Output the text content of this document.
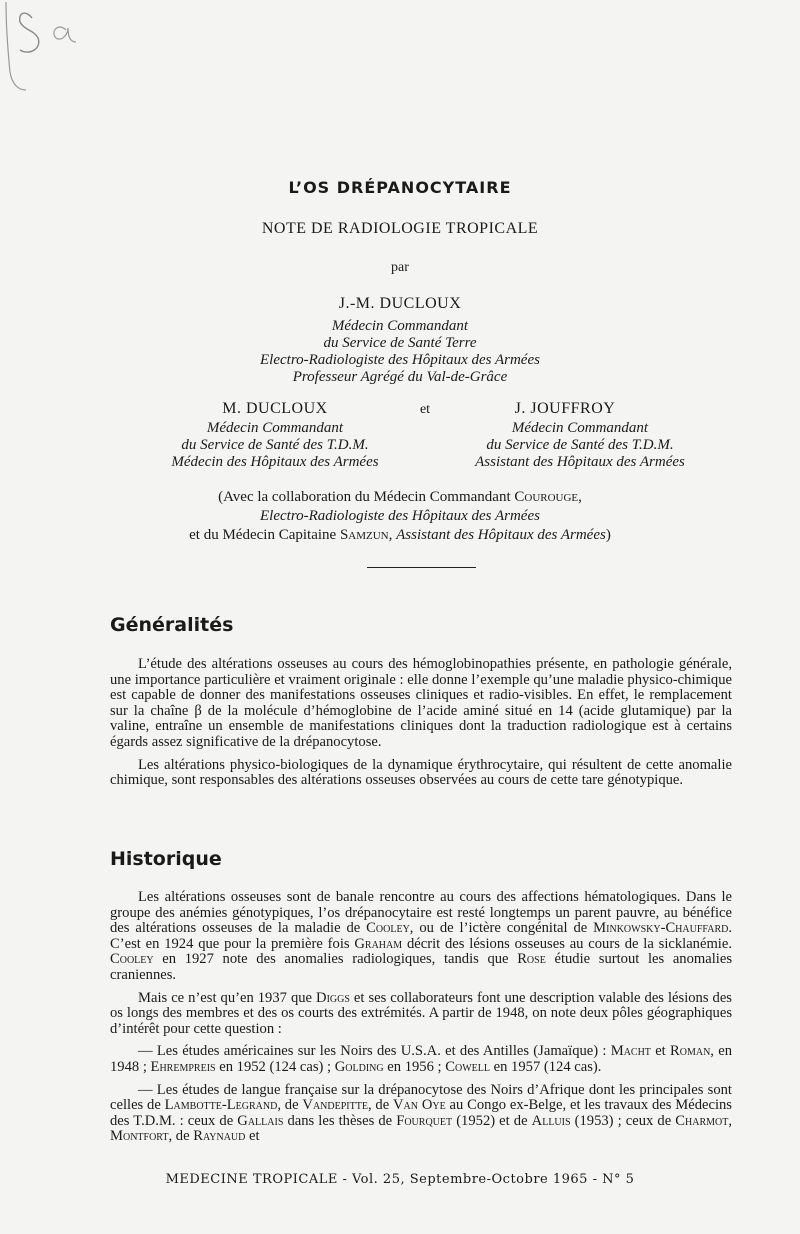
L’OS DRÉPANOCYTAIRE
NOTE DE RADIOLOGIE TROPICALE
par
J.-M. DUCLOUX
Médecin Commandant
du Service de Santé Terre
Electro-Radiologiste des Hôpitaux des Armées
Professeur Agrégé du Val-de-Grâce
M. DUCLOUX
Médecin Commandant
du Service de Santé des T.D.M.
Médecin des Hôpitaux des Armées
et	J. JOUFFROY
Médecin Commandant
du Service de Santé des T.D.M.
Assistant des Hôpitaux des Armées
(Avec la collaboration du Médecin Commandant Courouge,
Electro-Radiologiste des Hôpitaux des Armées
et du Médecin Capitaine Samzun, Assistant des Hôpitaux des Armées)
Généralités

L’étude des altérations osseuses au cours des hémoglobinopathies présente, en pathologie générale, une importance particulière et vraiment originale : elle donne l’exemple qu’une maladie physico-chimique est capable de donner des manifestations osseuses cliniques et radio-visibles. En effet, le remplacement sur la chaîne β de la molécule d’hémoglobine de l’acide aminé situé en 14 (acide glutamique) par la valine, entraîne un ensemble de manifestations cliniques dont la traduction radiologique est à certains égards assez significative de la drépanocytose.

Les altérations physico-biologiques de la dynamique érythrocytaire, qui résultent de cette anomalie chimique, sont responsables des altérations osseuses observées au cours de cette tare génotypique.

Historique

Les altérations osseuses sont de banale rencontre au cours des affections hématologiques. Dans le groupe des anémies génotypiques, l’os drépanocytaire est resté longtemps un parent pauvre, au bénéfice des altérations osseuses de la maladie de Cooley, ou de l’ictère congénital de Minkowsky-Chauffard. C’est en 1924 que pour la première fois Graham décrit des lésions osseuses au cours de la sicklanémie. Cooley en 1927 note des anomalies radiologiques, tandis que Rose étudie surtout les anomalies craniennes.

Mais ce n’est qu’en 1937 que Diggs et ses collaborateurs font une description valable des lésions des os longs des membres et des os courts des extrémités. A partir de 1948, on note deux pôles géographiques d’intérêt pour cette question :

— Les études américaines sur les Noirs des U.S.A. et des Antilles (Jamaïque) : Macht et Roman, en 1948 ; Ehrempreis en 1952 (124 cas) ; Golding en 1956 ; Cowell en 1957 (124 cas).

— Les études de langue française sur la drépanocytose des Noirs d’Afrique dont les principales sont celles de Lambotte-Legrand, de Vandepitte, de Van Oye au Congo ex-Belge, et les travaux des Médecins des T.D.M. : ceux de Gallais dans les thèses de Fourquet (1952) et de Alluis (1953) ; ceux de Charmot, Montfort, de Raynaud et

MEDECINE TROPICALE - Vol. 25, Septembre-Octobre 1965 - N° 5
